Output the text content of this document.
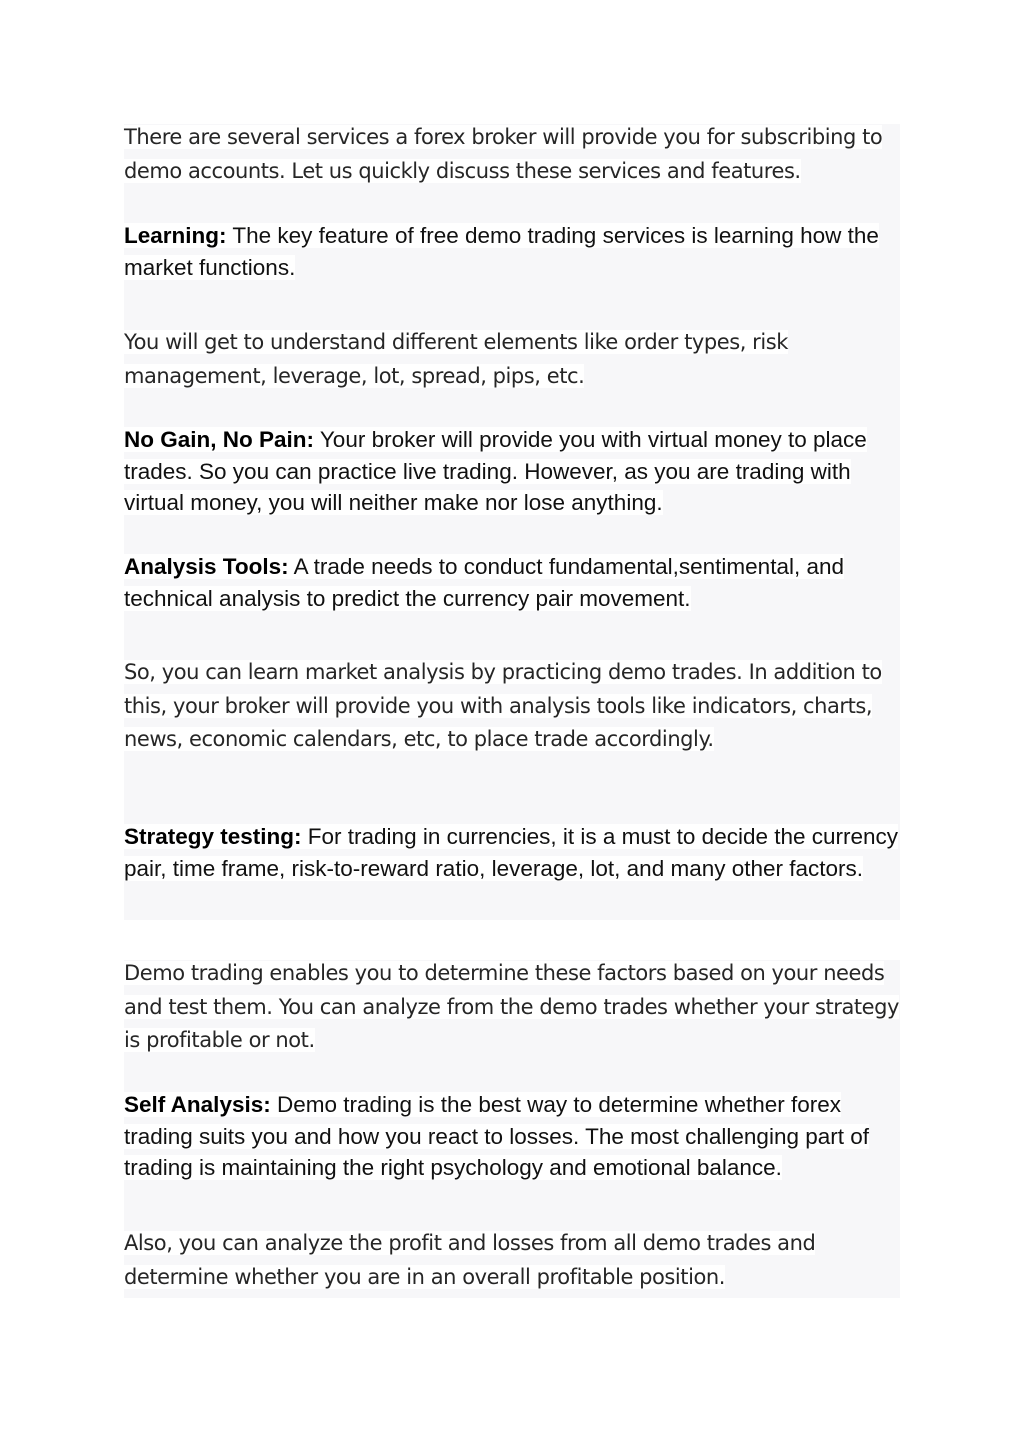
There are several services a forex broker will provide you for subscribing to demo accounts. Let us quickly discuss these services and features.

Learning: The key feature of free demo trading services is learning how the market functions.

You will get to understand different elements like order types, risk management, leverage, lot, spread, pips, etc.

No Gain, No Pain: Your broker will provide you with virtual money to place trades. So you can practice live trading. However, as you are trading with virtual money, you will neither make nor lose anything.

Analysis Tools: A trade needs to conduct fundamental,sentimental, and technical analysis to predict the currency pair movement.

So, you can learn market analysis by practicing demo trades. In addition to this, your broker will provide you with analysis tools like indicators, charts, news, economic calendars, etc, to place trade accordingly.

Strategy testing: For trading in currencies, it is a must to decide the currency pair, time frame, risk-to-reward ratio, leverage, lot, and many other factors.

Demo trading enables you to determine these factors based on your needs and test them. You can analyze from the demo trades whether your strategy is profitable or not.

Self Analysis: Demo trading is the best way to determine whether forex trading suits you and how you react to losses. The most challenging part of trading is maintaining the right psychology and emotional balance.

Also, you can analyze the profit and losses from all demo trades and determine whether you are in an overall profitable position.
